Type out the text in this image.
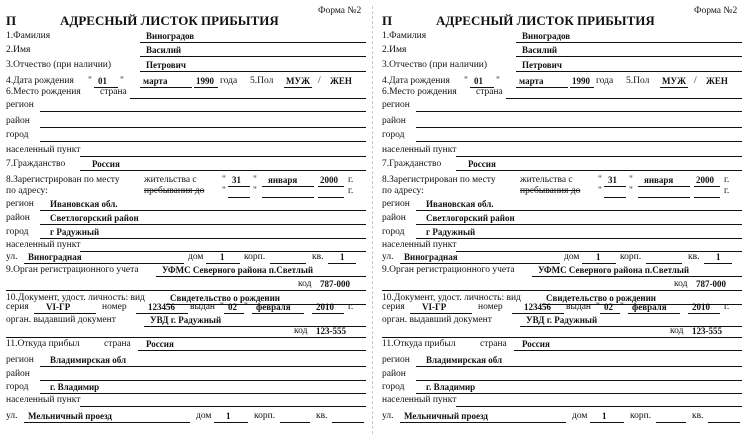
П	АДРЕСНЫЙ ЛИСТОК ПРИБЫТИЯ
Форма №2
1.Фамилия	Виноградов
2.Имя	Василий
3.Отчество (при наличии)	Петрович
4.Дата рождения " 01 " марта	1990 года 5.Пол МУЖ / ЖЕН
6.Место рождения страна
регион
район
город
населенный пункт
7.Гражданство	Россия
8.Зарегистрирован по месту
по адресу:
жительства с
пребывания до
" 31 " января	2000 г.
"	"	г.
регион Ивановская обл.
район Светлогорский район
город г Радужный
населенный пункт
ул. Виноградная	дом 1 корп.	кв. 1
9.Орган регистрационного учета	УФМС Северного района п.Светлый
код 787-000
10.Документ, удост. личность: вид	Свидетельство о рождении
серия VI-ГР	номер 123456 выдан " 02 " февраля	2010 г.
орган. выдавший документ	УВД г. Радужный
код 123-555
11.Откуда прибыл	страна Россия
регион Владимирская обл
район
город г. Владимир
населенный пункт
ул. Мельничный проезд	дом 1 корп.	кв.
П	АДРЕСНЫЙ ЛИСТОК ПРИБЫТИЯ
Форма №2
1.Фамилия	Виноградов
2.Имя	Василий
3.Отчество (при наличии)	Петрович
4.Дата рождения " 01 " марта	1990 года 5.Пол МУЖ / ЖЕН
6.Место рождения страна
регион
район
город
населенный пункт
7.Гражданство	Россия
8.Зарегистрирован по месту
по адресу:
жительства с
пребывания до
" 31 " января	2000 г.
"	"	г.
регион Ивановская обл.
район Светлогорский район
город г Радужный
населенный пункт
ул. Виноградная	дом 1 корп.	кв. 1
9.Орган регистрационного учета	УФМС Северного района п.Светлый
код 787-000
10.Документ, удост. личность: вид	Свидетельство о рождении
серия VI-ГР	номер 123456 выдан " 02 " февраля	2010 г.
орган. выдавший документ	УВД г. Радужный
код 123-555
11.Откуда прибыл	страна Россия
регион Владимирская обл
район
город г. Владимир
населенный пункт
ул. Мельничный проезд	дом 1 корп.	кв.
